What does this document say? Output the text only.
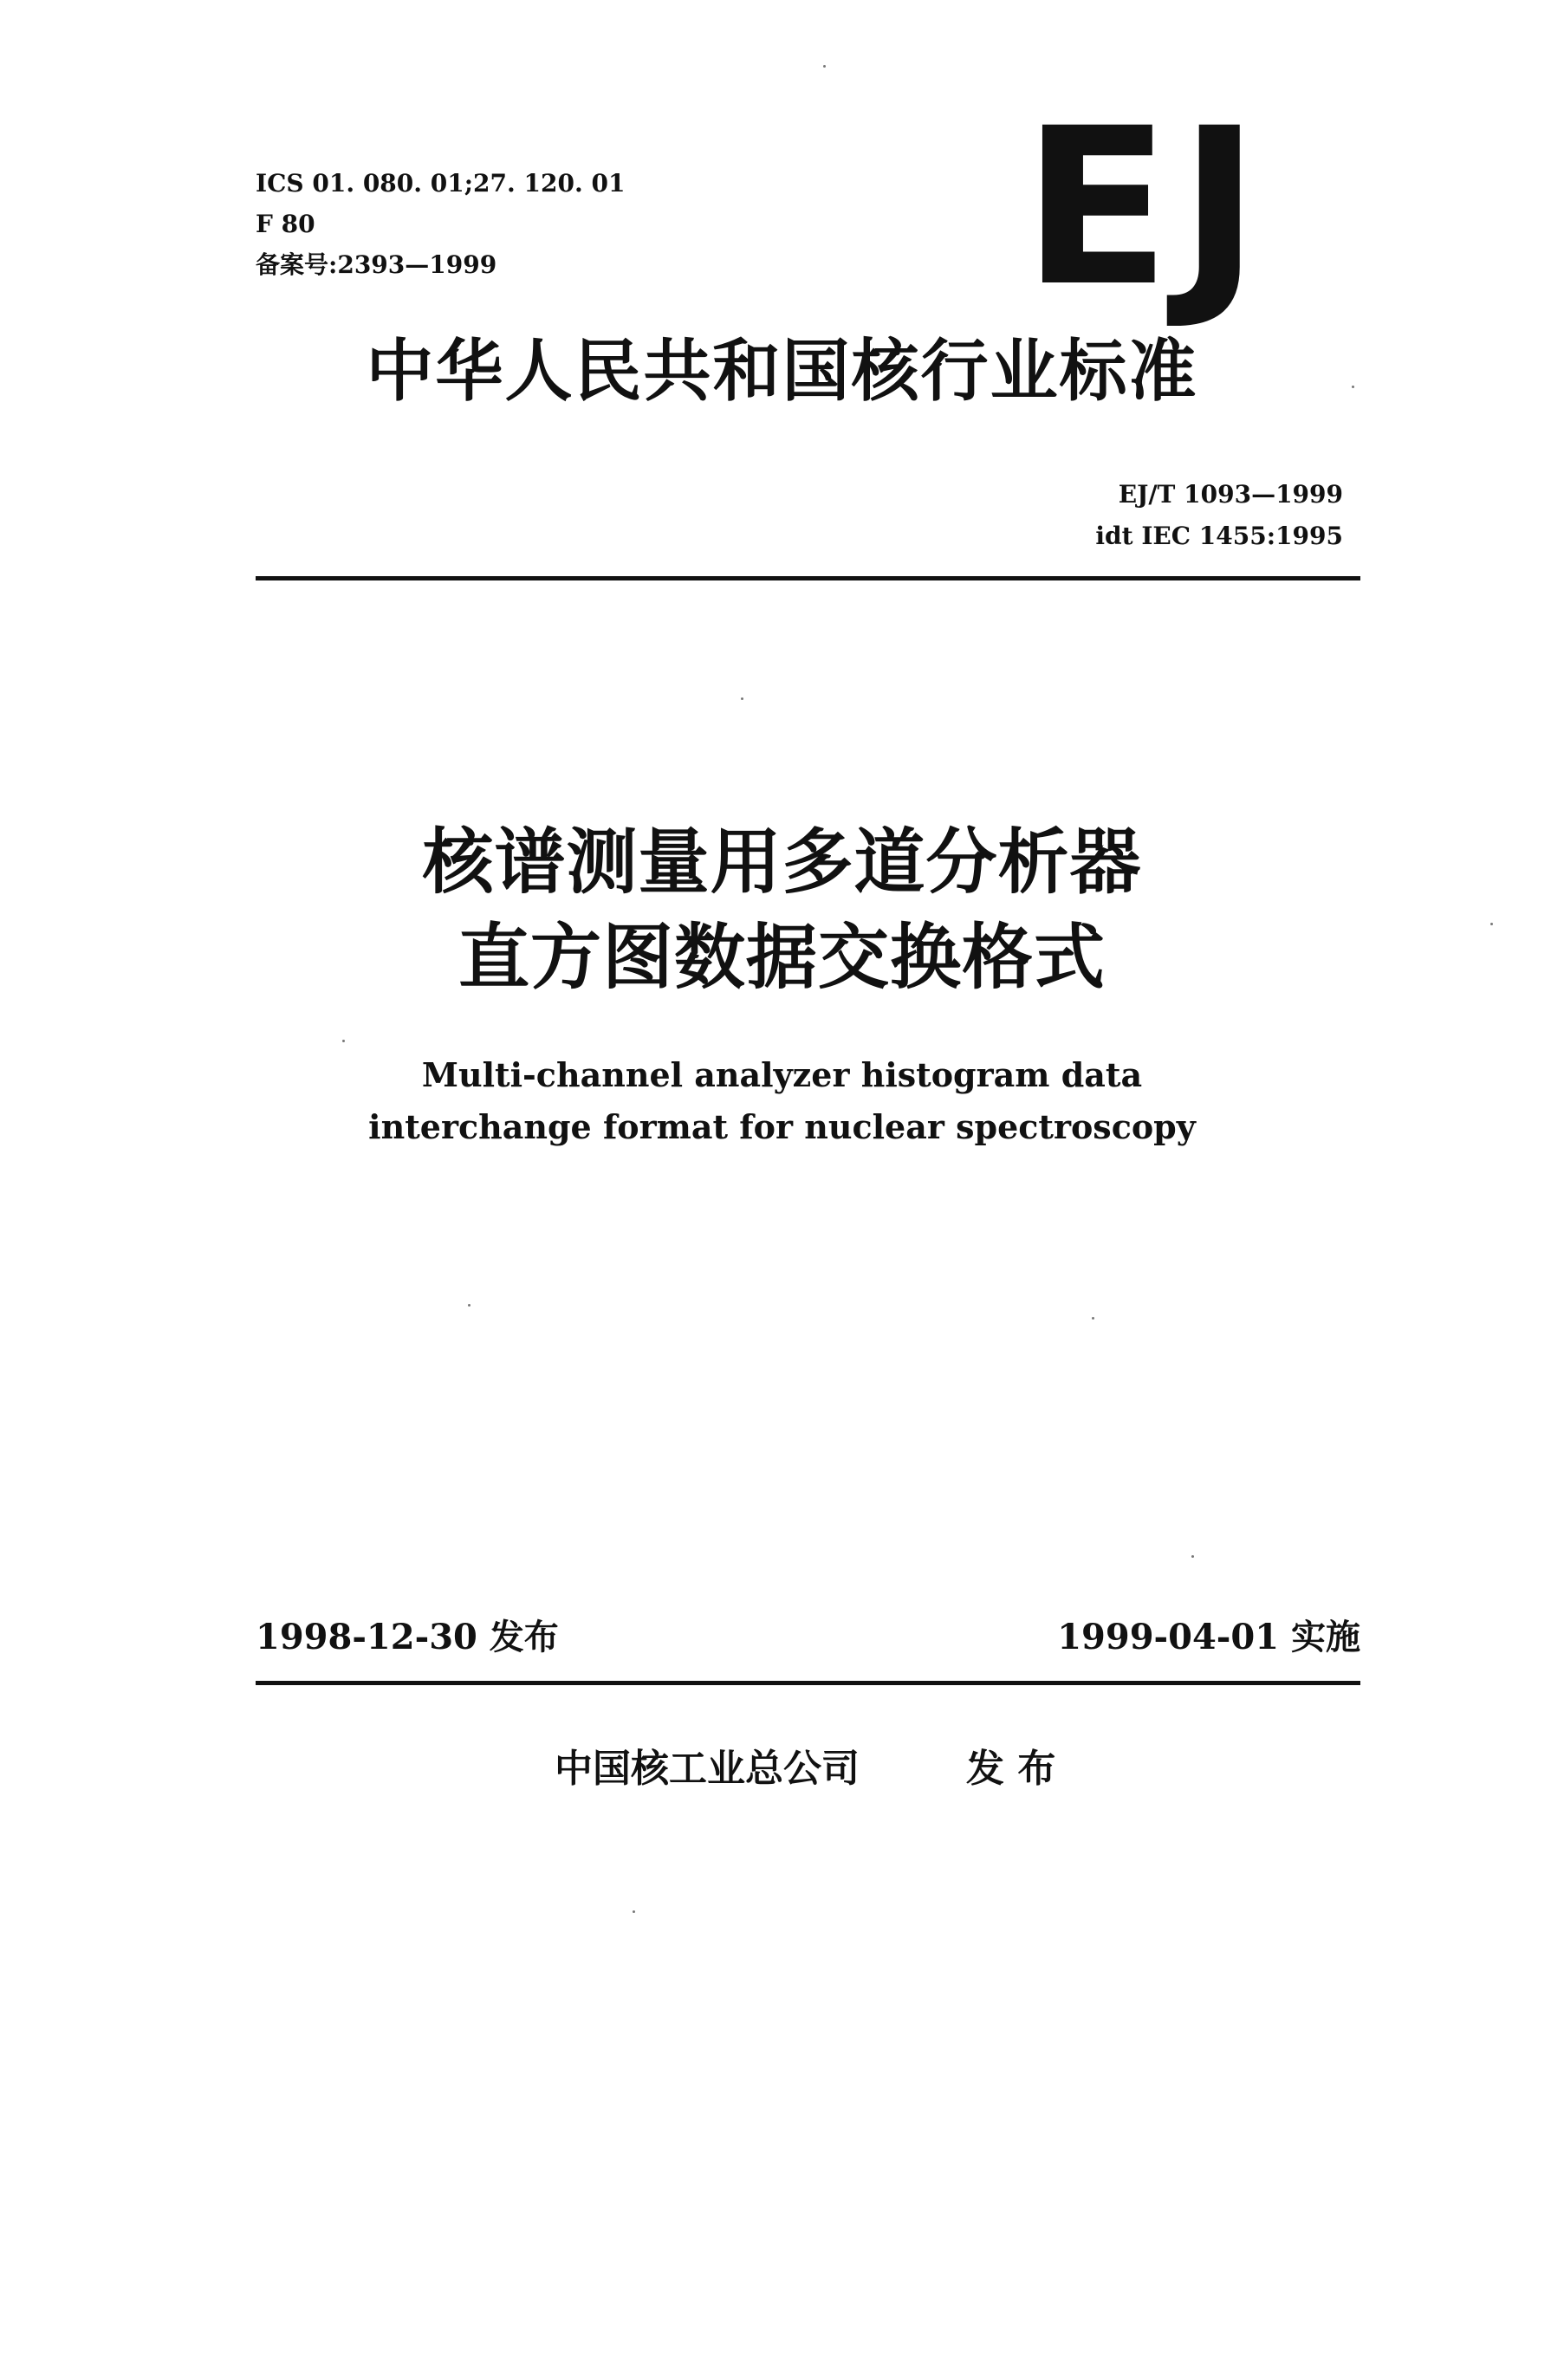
ICS 01. 080. 01;27. 120. 01
F 80
备案号:2393—1999 EJ
中华人民共和国核行业标准
EJ/T 1093—1999
idt IEC 1455:1995
核谱测量用多道分析器
直方图数据交换格式
Multi-channel analyzer histogram data
interchange format for nuclear spectroscopy
1998-12-30 发布	1999-04-01 实施
中国核工业总公司	发 布
